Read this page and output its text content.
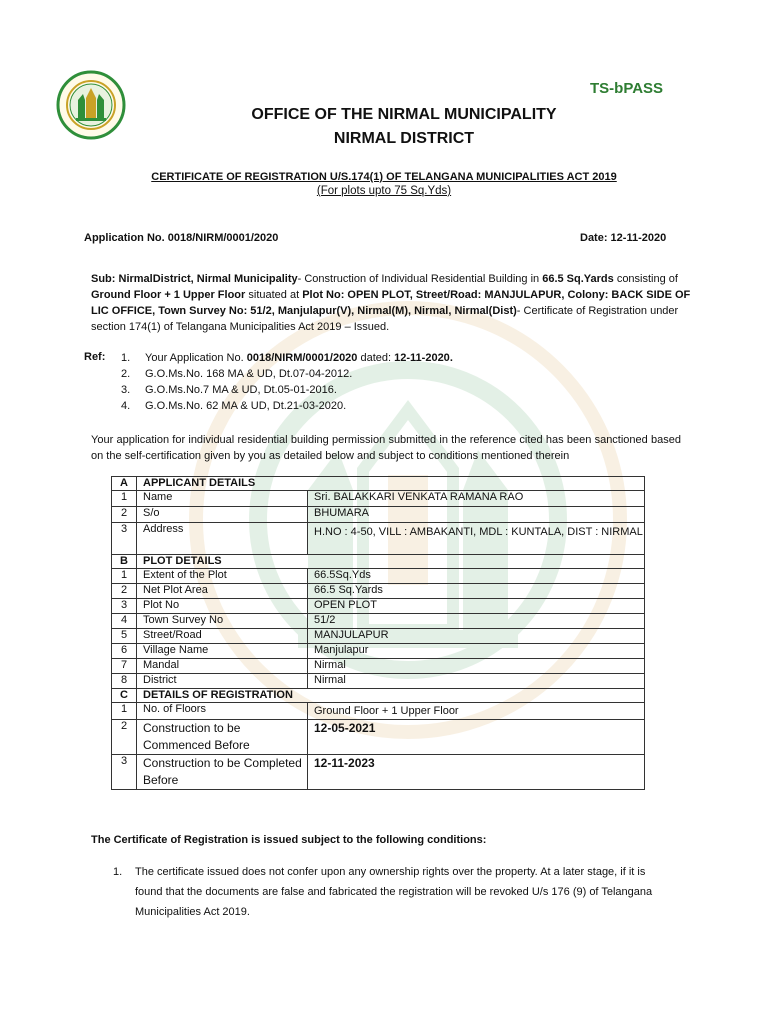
TS-bPASS
OFFICE OF THE NIRMAL MUNICIPALITY
NIRMAL DISTRICT
CERTIFICATE OF REGISTRATION U/S.174(1) OF TELANGANA MUNICIPALITIES ACT 2019
(For plots upto 75 Sq.Yds)
Application No. 0018/NIRM/0001/2020	Date: 12-11-2020
Sub: NirmalDistrict, Nirmal Municipality- Construction of Individual Residential Building in 66.5 Sq.Yards consisting of Ground Floor + 1 Upper Floor situated at Plot No: OPEN PLOT, Street/Road: MANJULAPUR, Colony: BACK SIDE OF LIC OFFICE, Town Survey No: 51/2, Manjulapur(V), Nirmal(M), Nirmal, Nirmal(Dist)- Certificate of Registration under section 174(1) of Telangana Municipalities Act 2019 – Issued.
Ref: 1.	Your Application No. 0018/NIRM/0001/2020 dated: 12-11-2020.
2.	G.O.Ms.No. 168 MA & UD, Dt.07-04-2012.
3.	G.O.Ms.No.7 MA & UD, Dt.05-01-2016.
4.	G.O.Ms.No. 62 MA & UD, Dt.21-03-2020.
Your application for individual residential building permission submitted in the reference cited has been sanctioned based on the self-certification given by you as detailed below and subject to conditions mentioned therein
A	APPLICANT DETAILS	
1	Name	Sri. BALAKKARI VENKATA RAMANA RAO
2	S/o	BHUMARA
3	Address	H.NO : 4-50, VILL : AMBAKANTI, MDL : KUNTALA, DIST : NIRMAL
B	PLOT DETAILS	
1	Extent of the Plot	66.5Sq.Yds
2	Net Plot Area	66.5 Sq.Yards
3	Plot No	OPEN PLOT
4	Town Survey No	51/2
5	Street/Road	MANJULAPUR
6	Village Name	Manjulapur
7	Mandal	Nirmal
8	District	Nirmal
C	DETAILS OF REGISTRATION	
1	No. of Floors	Ground Floor + 1 Upper Floor
2	Construction to be Commenced Before	12-05-2021
3	Construction to be Completed Before	12-11-2023
The Certificate of Registration is issued subject to the following conditions:
1.	The certificate issued does not confer upon any ownership rights over the property. At a later stage, if it is found that the documents are false and fabricated the registration will be revoked U/s 176 (9) of Telangana Municipalities Act 2019.
